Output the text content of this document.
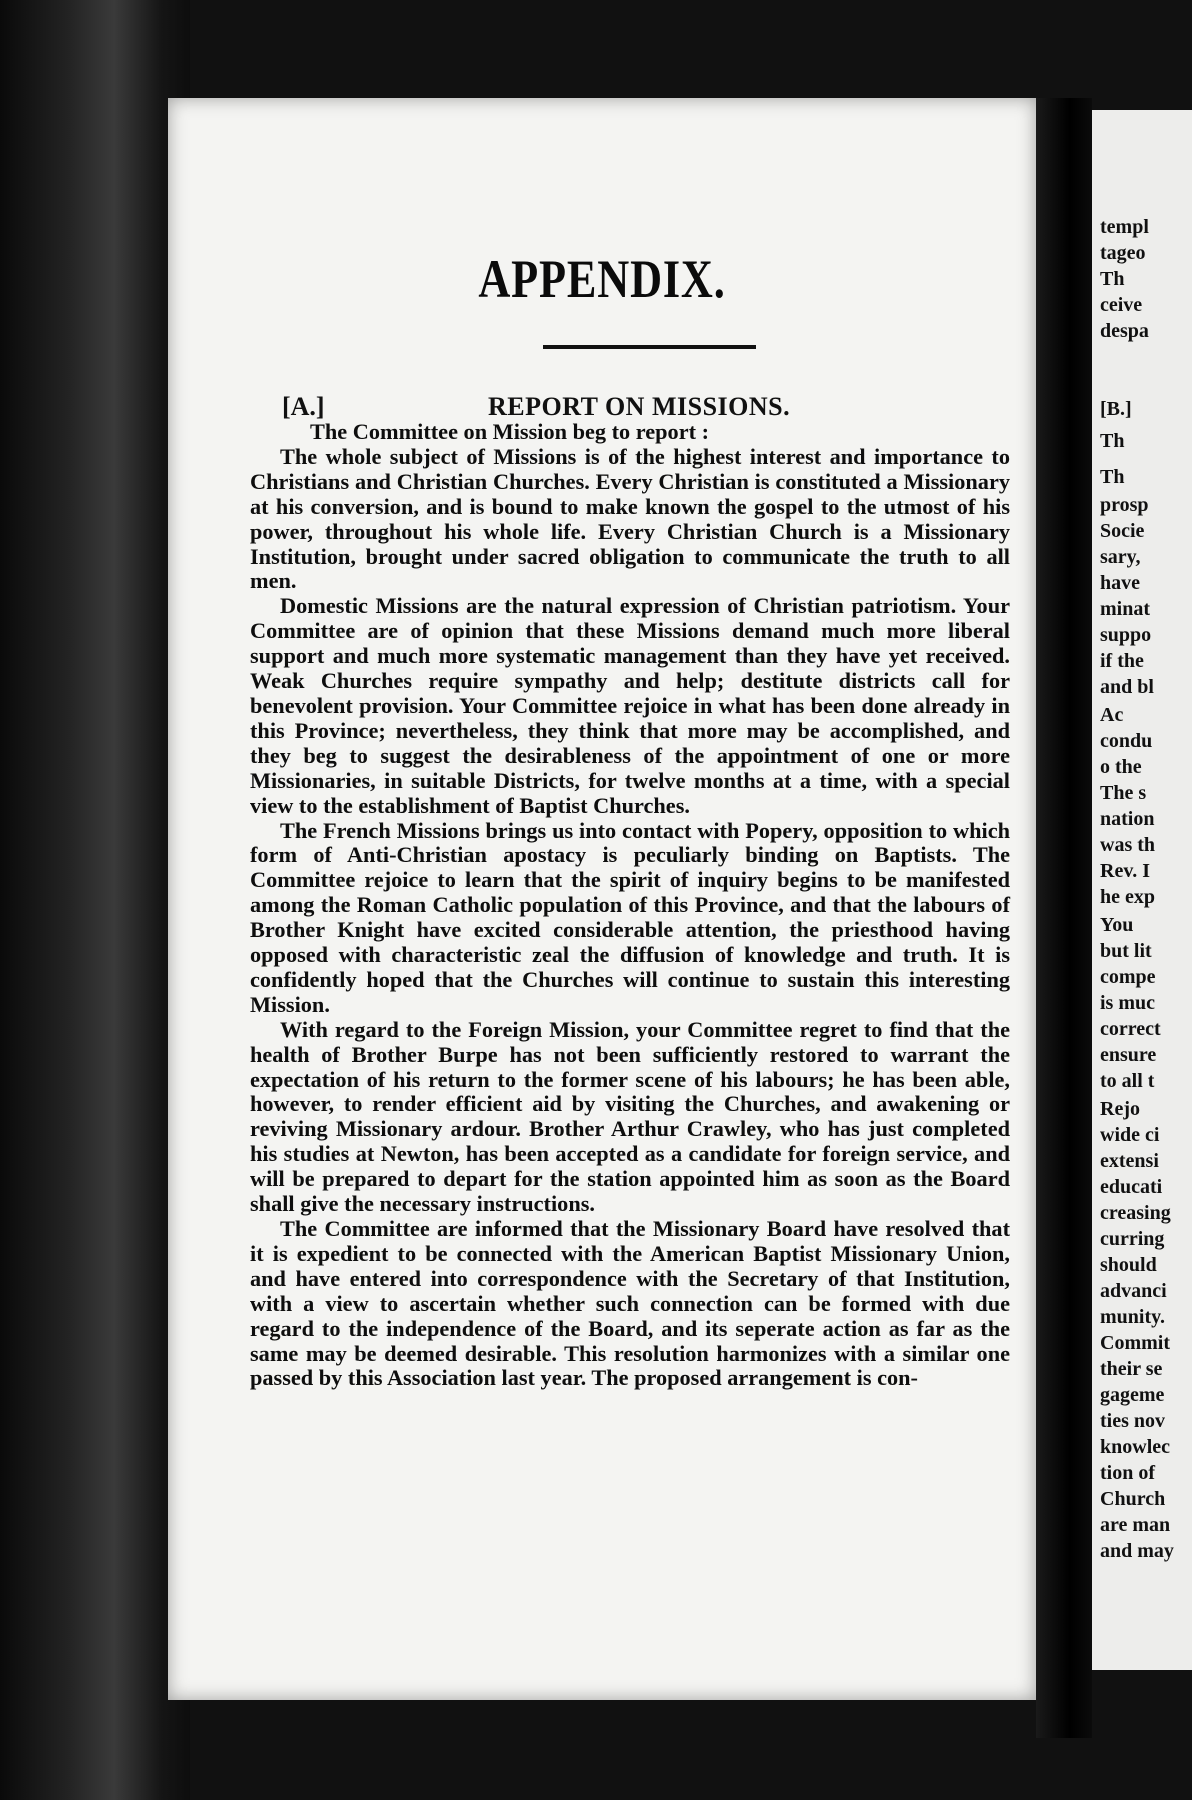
templ
tageo
Th
ceive
despa
[B.]
Th
Th
prosp
Socie
sary,
have
minat
suppo
if the
and bl
Ac
condu
o the
The s
nation
was th
Rev. I
he exp
You
but lit
compe
is muc
correct
ensure
to all t
Rejo
wide ci
extensi
educati
creasing
curring
should
advanci
munity.
Commit
their se
gageme
ties nov
knowlec
tion of
Church
are man
and may
APPENDIX.
[A.]	REPORT ON MISSIONS.

The Committee on Mission beg to report :

The whole subject of Missions is of the highest interest and importance to Christians and Christian Churches. Every Christian is constituted a Missionary at his conversion, and is bound to make known the gospel to the utmost of his power, throughout his whole life. Every Christian Church is a Missionary Institution, brought under sacred obligation to communicate the truth to all men.

Domestic Missions are the natural expression of Christian patriotism. Your Committee are of opinion that these Missions demand much more liberal support and much more systematic management than they have yet received. Weak Churches require sympathy and help; destitute districts call for benevolent provision. Your Committee rejoice in what has been done already in this Province; nevertheless, they think that more may be accomplished, and they beg to suggest the desirableness of the appointment of one or more Missionaries, in suitable Districts, for twelve months at a time, with a special view to the establishment of Baptist Churches.

The French Missions brings us into contact with Popery, opposition to which form of Anti-Christian apostacy is peculiarly binding on Baptists. The Committee rejoice to learn that the spirit of inquiry begins to be manifested among the Roman Catholic population of this Province, and that the labours of Brother Knight have excited considerable attention, the priesthood having opposed with characteristic zeal the diffusion of knowledge and truth. It is confidently hoped that the Churches will continue to sustain this interesting Mission.

With regard to the Foreign Mission, your Committee regret to find that the health of Brother Burpe has not been sufficiently restored to warrant the expectation of his return to the former scene of his labours; he has been able, however, to render efficient aid by visiting the Churches, and awakening or reviving Missionary ardour. Brother Arthur Crawley, who has just completed his studies at Newton, has been accepted as a candidate for foreign service, and will be prepared to depart for the station appointed him as soon as the Board shall give the necessary instructions.

The Committee are informed that the Missionary Board have resolved that it is expedient to be connected with the American Baptist Missionary Union, and have entered into correspondence with the Secretary of that Institution, with a view to ascertain whether such connection can be formed with due regard to the independence of the Board, and its seperate action as far as the same may be deemed desirable. This resolution harmonizes with a similar one passed by this Association last year. The proposed arrangement is con-
